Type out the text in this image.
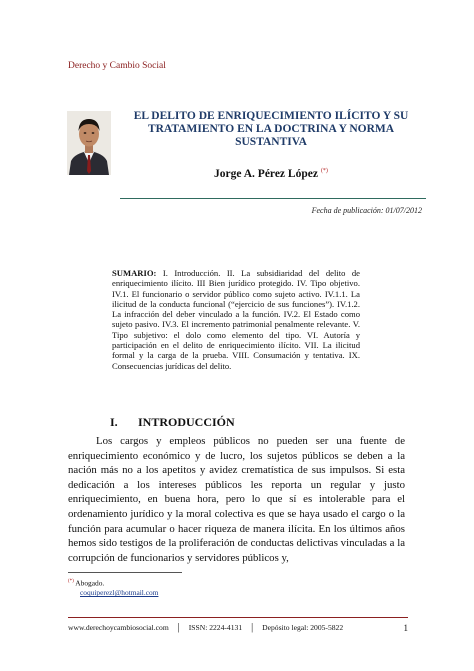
Derecho y Cambio Social
EL DELITO DE ENRIQUECIMIENTO ILÍCITO Y SU TRATAMIENTO EN LA DOCTRINA Y NORMA SUSTANTIVA
Jorge A. Pérez López (*)
Fecha de publicación: 01/07/2012
SUMARIO: I. Introducción. II. La subsidiaridad del delito de enriquecimiento ilícito. III Bien jurídico protegido. IV. Tipo objetivo. IV.1. El funcionario o servidor público como sujeto activo. IV.1.1. La ilicitud de la conducta funcional (“ejercicio de sus funciones”). IV.1.2. La infracción del deber vinculado a la función. IV.2. El Estado como sujeto pasivo. IV.3. El incremento patrimonial penalmente relevante. V. Tipo subjetivo: el dolo como elemento del tipo. VI. Autoría y participación en el delito de enriquecimiento ilícito. VII. La ilicitud formal y la carga de la prueba. VIII. Consumación y tentativa. IX. Consecuencias jurídicas del delito.
I. INTRODUCCIÓN
Los cargos y empleos públicos no pueden ser una fuente de enriquecimiento económico y de lucro, los sujetos públicos se deben a la nación más no a los apetitos y avidez crematística de sus impulsos. Si esta dedicación a los intereses públicos les reporta un regular y justo enriquecimiento, en buena hora, pero lo que sí es intolerable para el ordenamiento jurídico y la moral colectiva es que se haya usado el cargo o la función para acumular o hacer riqueza de manera ilícita. En los últimos años hemos sido testigos de la proliferación de conductas delictivas vinculadas a la corrupción de funcionarios y servidores públicos y,
(*) Abogado.
coquiperezl@hotmail.com
www.derechoycambiosocial.com | ISSN: 2224-4131 | Depósito legal: 2005-5822	1
